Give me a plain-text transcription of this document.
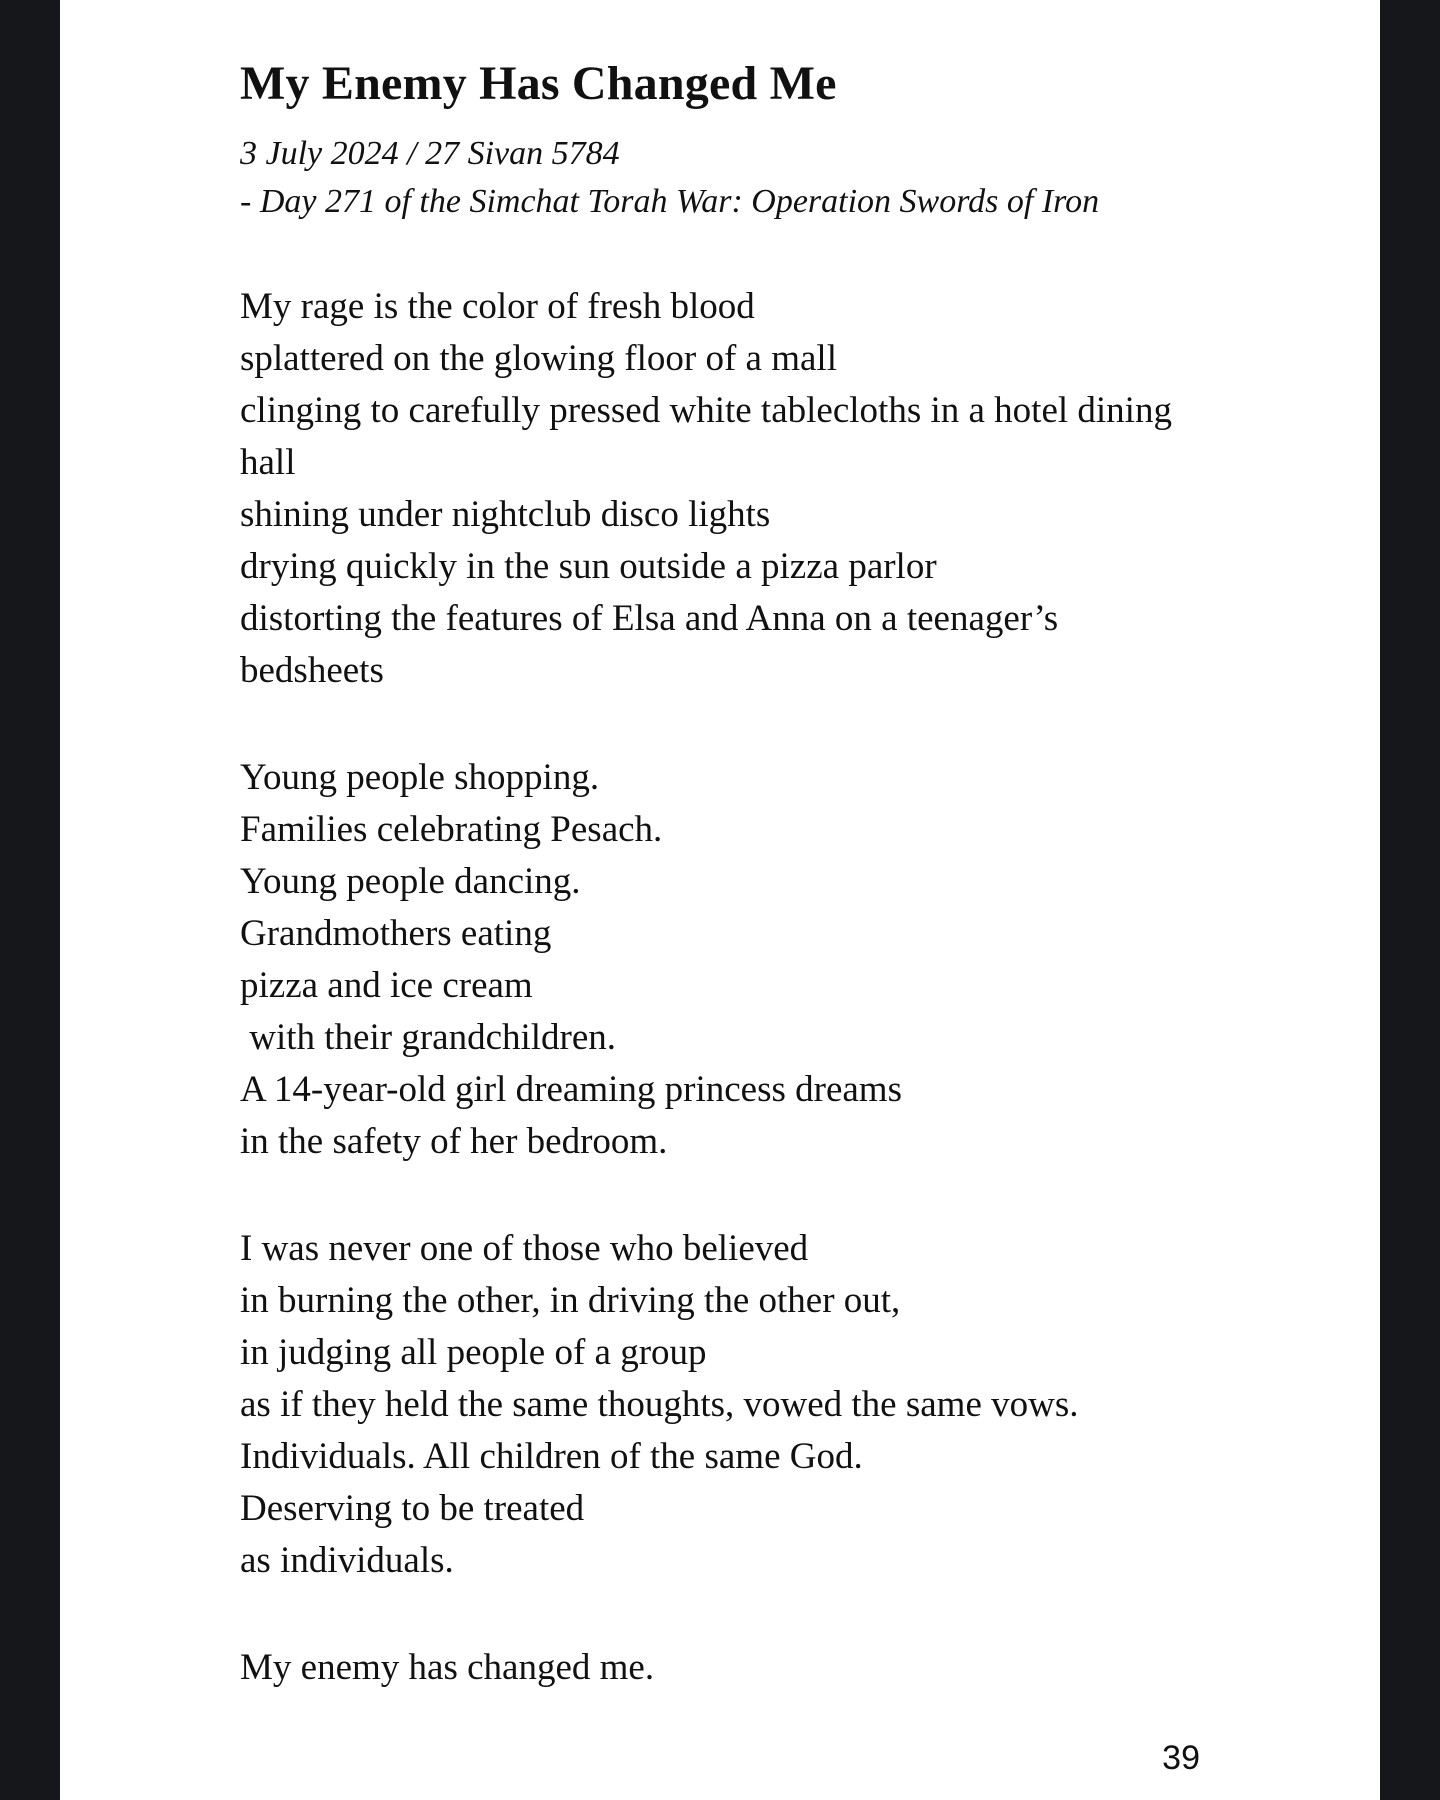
My Enemy Has Changed Me
3 July 2024 / 27 Sivan 5784
- Day 271 of the Simchat Torah War: Operation Swords of Iron
My rage is the color of fresh blood
splattered on the glowing floor of a mall
clinging to carefully pressed white tablecloths in a hotel dining
hall
shining under nightclub disco lights
drying quickly in the sun outside a pizza parlor
distorting the features of Elsa and Anna on a teenager’s
bedsheets
Young people shopping.
Families celebrating Pesach.
Young people dancing.
Grandmothers eating
pizza and ice cream
with their grandchildren.
A 14-year-old girl dreaming princess dreams
in the safety of her bedroom.
I was never one of those who believed
in burning the other, in driving the other out,
in judging all people of a group
as if they held the same thoughts, vowed the same vows.
Individuals. All children of the same God.
Deserving to be treated
as individuals.
My enemy has changed me.
39
